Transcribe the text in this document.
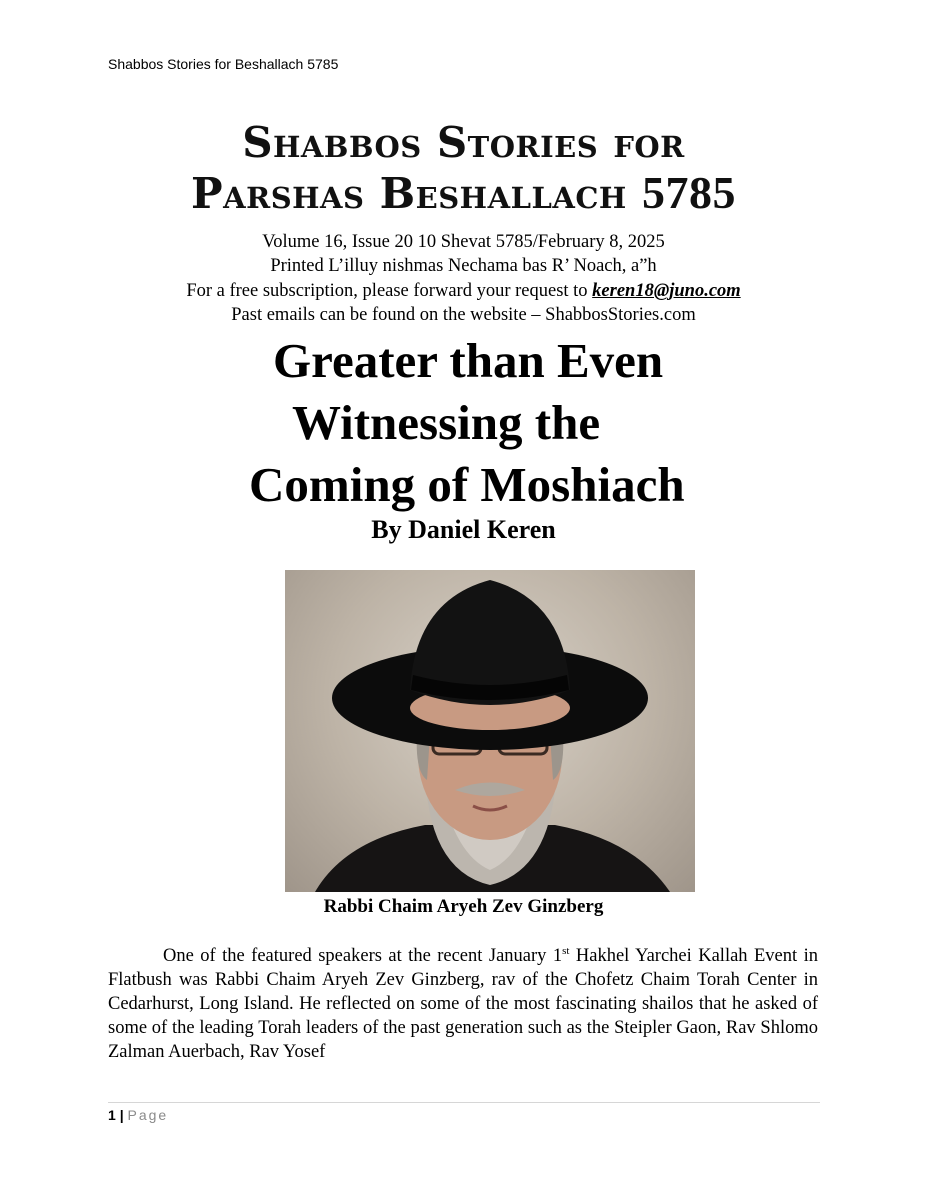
Shabbos Stories for Beshallach 5785
Shabbos Stories for
Parshas Beshallach 5785
Volume 16, Issue 20 10 Shevat 5785/February 8, 2025
Printed L’illuy nishmas Nechama bas R’ Noach, a”h
For a free subscription, please forward your request to keren18@juno.com
Past emails can be found on the website – ShabbosStories.com
Greater than Even
Witnessing the
Coming of Moshiach
By Daniel Keren
Rabbi Chaim Aryeh Zev Ginzberg

One of the featured speakers at the recent January 1st Hakhel Yarchei Kallah Event in Flatbush was Rabbi Chaim Aryeh Zev Ginzberg, rav of the Chofetz Chaim Torah Center in Cedarhurst, Long Island. He reflected on some of the most fascinating shailos that he asked of some of the leading Torah leaders of the past generation such as the Steipler Gaon, Rav Shlomo Zalman Auerbach, Rav Yosef

1 | Page
